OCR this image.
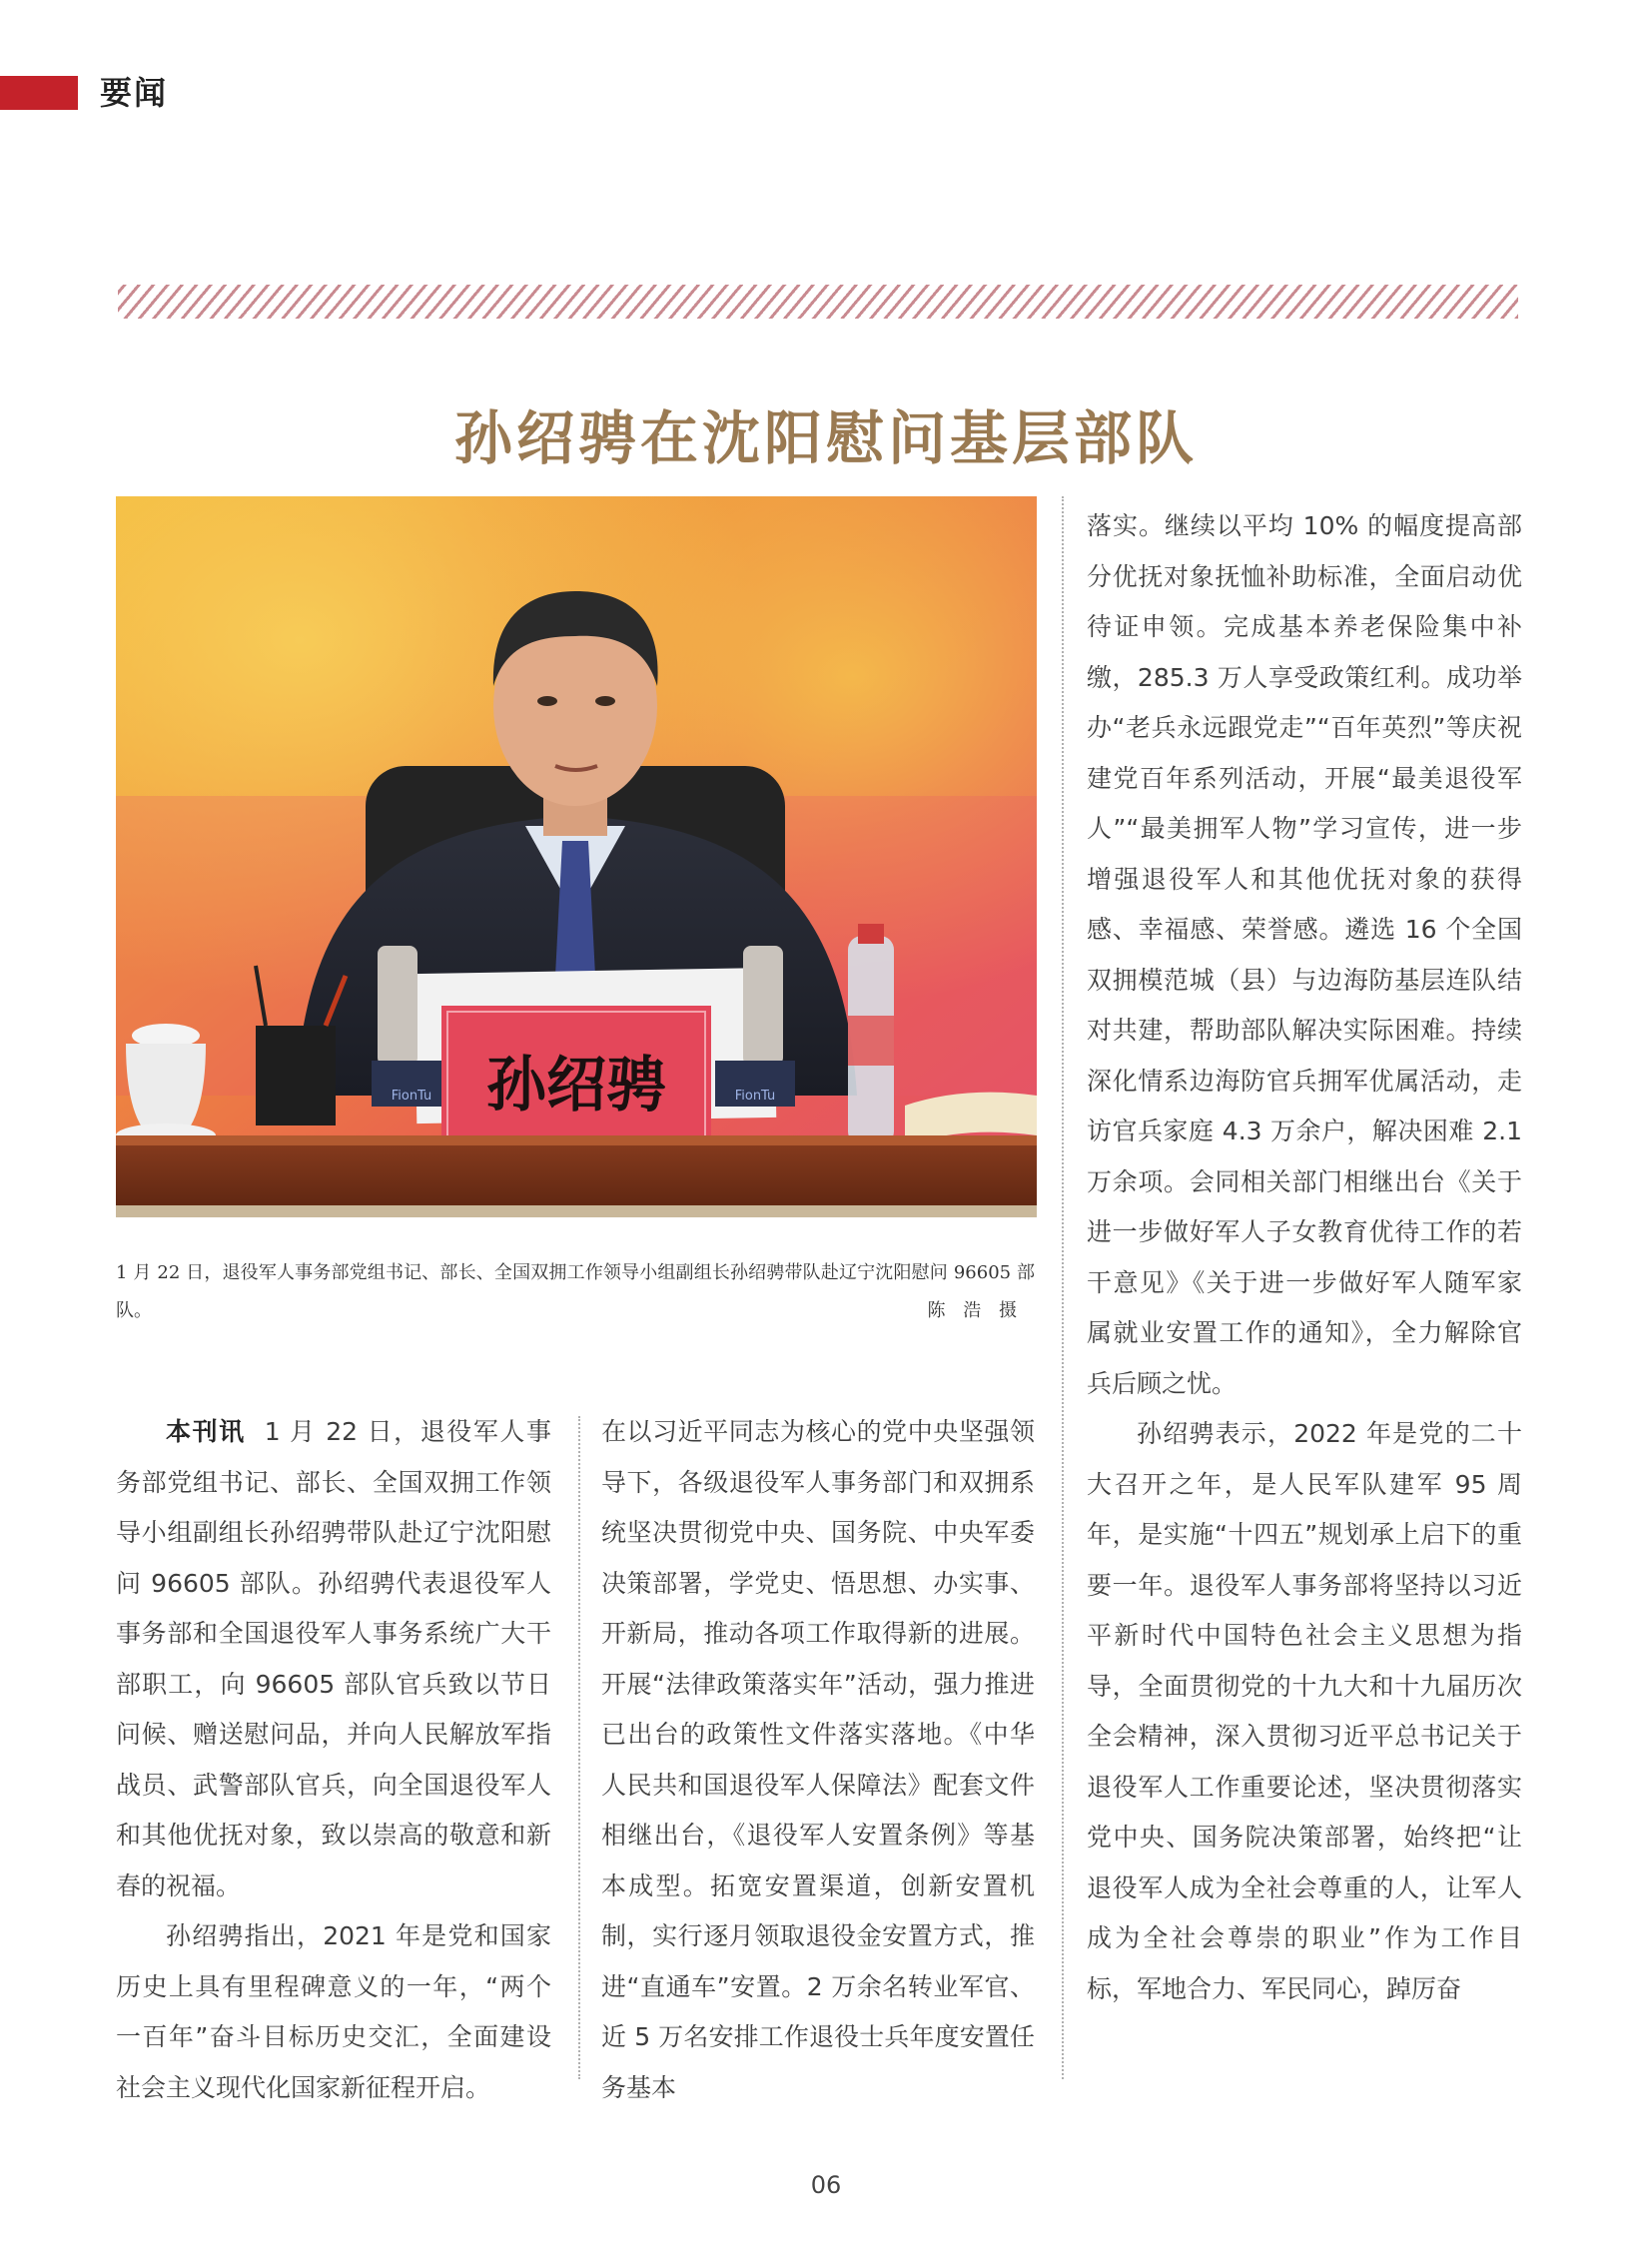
要闻
孙绍骋在沈阳慰问基层部队
孙绍骋
FionTu	FionTu
1 月 22 日，退役军人事务部党组书记、部长、全国双拥工作领导小组副组长孙绍骋带队赴辽宁沈阳慰问 96605 部队。	陈 浩 摄

本刊讯 1 月 22 日，退役军人事务部党组书记、部长、全国双拥工作领导小组副组长孙绍骋带队赴辽宁沈阳慰问 96605 部队。孙绍骋代表退役军人事务部和全国退役军人事务系统广大干部职工，向 96605 部队官兵致以节日问候、赠送慰问品，并向人民解放军指战员、武警部队官兵，向全国退役军人和其他优抚对象，致以崇高的敬意和新春的祝福。

孙绍骋指出，2021 年是党和国家历史上具有里程碑意义的一年，“两个一百年”奋斗目标历史交汇，全面建设社会主义现代化国家新征程开启。

在以习近平同志为核心的党中央坚强领导下，各级退役军人事务部门和双拥系统坚决贯彻党中央、国务院、中央军委决策部署，学党史、悟思想、办实事、开新局，推动各项工作取得新的进展。开展“法律政策落实年”活动，强力推进已出台的政策性文件落实落地。《中华人民共和国退役军人保障法》配套文件相继出台，《退役军人安置条例》等基本成型。拓宽安置渠道，创新安置机制，实行逐月领取退役金安置方式，推进“直通车”安置。2 万余名转业军官、近 5 万名安排工作退役士兵年度安置任务基本

落实。继续以平均 10% 的幅度提高部分优抚对象抚恤补助标准，全面启动优待证申领。完成基本养老保险集中补缴，285.3 万人享受政策红利。成功举办“老兵永远跟党走”“百年英烈”等庆祝建党百年系列活动，开展“最美退役军人”“最美拥军人物”学习宣传，进一步增强退役军人和其他优抚对象的获得感、幸福感、荣誉感。遴选 16 个全国双拥模范城（县）与边海防基层连队结对共建，帮助部队解决实际困难。持续深化情系边海防官兵拥军优属活动，走访官兵家庭 4.3 万余户，解决困难 2.1 万余项。会同相关部门相继出台《关于进一步做好军人子女教育优待工作的若干意见》《关于进一步做好军人随军家属就业安置工作的通知》，全力解除官兵后顾之忧。

孙绍骋表示，2022 年是党的二十大召开之年，是人民军队建军 95 周年，是实施“十四五”规划承上启下的重要一年。退役军人事务部将坚持以习近平新时代中国特色社会主义思想为指导，全面贯彻党的十九大和十九届历次全会精神，深入贯彻习近平总书记关于退役军人工作重要论述，坚决贯彻落实党中央、国务院决策部署，始终把“让退役军人成为全社会尊重的人，让军人成为全社会尊崇的职业”作为工作目标，军地合力、军民同心，踔厉奋

06
